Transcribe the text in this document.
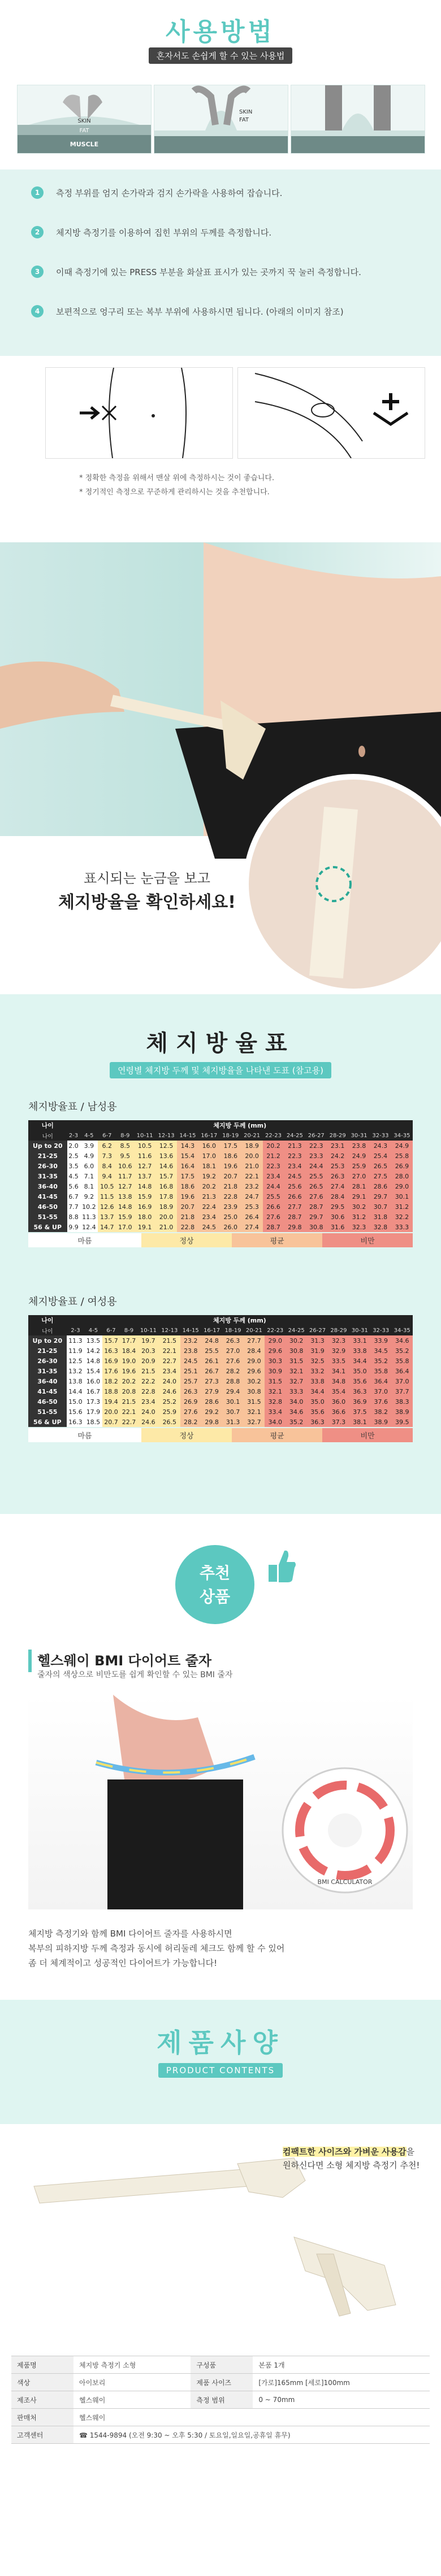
사용방법
혼자서도 손쉽게 할 수 있는 사용법
SKIN
FAT
MUSCLE
SKIN
FAT
1	측정 부위를 엄지 손가락과 검지 손가락을 사용하여 잡습니다.
2	체지방 측정기를 이용하여 집힌 부위의 두께를 측정합니다.
3	이때 측정기에 있는 PRESS 부분을 화살표 표시가 있는 곳까지 꾹 눌러 측정합니다.
4	보편적으로 엉구리 또는 복부 부위에 사용하시면 됩니다. (아래의 이미지 참조)
* 정확한 측정을 위해서 맨살 위에 측정하시는 것이 좋습니다.
* 정기적인 측정으로 꾸준하게 관리하시는 것을 추천합니다.
표시되는 눈금을 보고
체지방율을 확인하세요!
체지방율표
연령별 체지방 두께 및 체지방율을 나타낸 도표 (참고용)
체지방율표 / 남성용
나이	체지방 두께 (mm)																
나이	2-3	4-5	6-7	8-9	10-11	12-13	14-15	16-17	18-19	20-21	22-23	24-25	26-27	28-29	30-31	32-33	34-35
Up to 20	2.0	3.9	6.2	8.5	10.5	12.5	14.3	16.0	17.5	18.9	20.2	21.3	22.3	23.1	23.8	24.3	24.9
21-25	2.5	4.9	7.3	9.5	11.6	13.6	15.4	17.0	18.6	20.0	21.2	22.3	23.3	24.2	24.9	25.4	25.8
26-30	3.5	6.0	8.4	10.6	12.7	14.6	16.4	18.1	19.6	21.0	22.3	23.4	24.4	25.3	25.9	26.5	26.9
31-35	4.5	7.1	9.4	11.7	13.7	15.7	17.5	19.2	20.7	22.1	23.4	24.5	25.5	26.3	27.0	27.5	28.0
36-40	5.6	8.1	10.5	12.7	14.8	16.8	18.6	20.2	21.8	23.2	24.4	25.6	26.5	27.4	28.1	28.6	29.0
41-45	6.7	9.2	11.5	13.8	15.9	17.8	19.6	21.3	22.8	24.7	25.5	26.6	27.6	28.4	29.1	29.7	30.1
46-50	7.7	10.2	12.6	14.8	16.9	18.9	20.7	22.4	23.9	25.3	26.6	27.7	28.7	29.5	30.2	30.7	31.2
51-55	8.8	11.3	13.7	15.9	18.0	20.0	21.8	23.4	25.0	26.4	27.6	28.7	29.7	30.6	31.2	31.8	32.2
56 & UP	9.9	12.4	14.7	17.0	19.1	21.0	22.8	24.5	26.0	27.4	28.7	29.8	30.8	31.6	32.3	32.8	33.3
마름	정상	평균	비만
체지방율표 / 여성용
나이	체지방 두께 (mm)																
나이	2-3	4-5	6-7	8-9	10-11	12-13	14-15	16-17	18-19	20-21	22-23	24-25	26-27	28-29	30-31	32-33	34-35
Up to 20	11.3	13.5	15.7	17.7	19.7	21.5	23.2	24.8	26.3	27.7	29.0	30.2	31.3	32.3	33.1	33.9	34.6
21-25	11.9	14.2	16.3	18.4	20.3	22.1	23.8	25.5	27.0	28.4	29.6	30.8	31.9	32.9	33.8	34.5	35.2
26-30	12.5	14.8	16.9	19.0	20.9	22.7	24.5	26.1	27.6	29.0	30.3	31.5	32.5	33.5	34.4	35.2	35.8
31-35	13.2	15.4	17.6	19.6	21.5	23.4	25.1	26.7	28.2	29.6	30.9	32.1	33.2	34.1	35.0	35.8	36.4
36-40	13.8	16.0	18.2	20.2	22.2	24.0	25.7	27.3	28.8	30.2	31.5	32.7	33.8	34.8	35.6	36.4	37.0
41-45	14.4	16.7	18.8	20.8	22.8	24.6	26.3	27.9	29.4	30.8	32.1	33.3	34.4	35.4	36.3	37.0	37.7
46-50	15.0	17.3	19.4	21.5	23.4	25.2	26.9	28.6	30.1	31.5	32.8	34.0	35.0	36.0	36.9	37.6	38.3
51-55	15.6	17.9	20.0	22.1	24.0	25.9	27.6	29.2	30.7	32.1	33.4	34.6	35.6	36.6	37.5	38.2	38.9
56 & UP	16.3	18.5	20.7	22.7	24.6	26.5	28.2	29.8	31.3	32.7	34.0	35.2	36.3	37.3	38.1	38.9	39.5
마름	정상	평균	비만
추천
상품
헬스웨이 BMI 다이어트 줄자
줄자의 색상으로 비만도를 쉽게 확인할 수 있는 BMI 줄자
BMI CALCULATOR
체지방 측정기와 함께 BMI 다이어트 줄자를 사용하시면
복부의 피하지방 두께 측정과 동시에 허리둘레 체크도 함께 할 수 있어
좀 더 체계적이고 성공적인 다이어트가 가능합니다!
제품사양
PRODUCT CONTENTS
컴팩트한 사이즈와 가벼운 사용감을
원하신다면 소형 체지방 측정기 추천!
제품명	체지방 측정기 소형	구성품	본품 1개
색상	아이보리	제품 사이즈	[가로]165mm [세로]100mm
제조사	헬스웨이	측정 범위	0 ~ 70mm
판매처	헬스웨이		
고객센터	☎ 1544-9894 (오전 9:30 ~ 오후 5:30 / 토요일,일요일,공휴일 휴무)		
